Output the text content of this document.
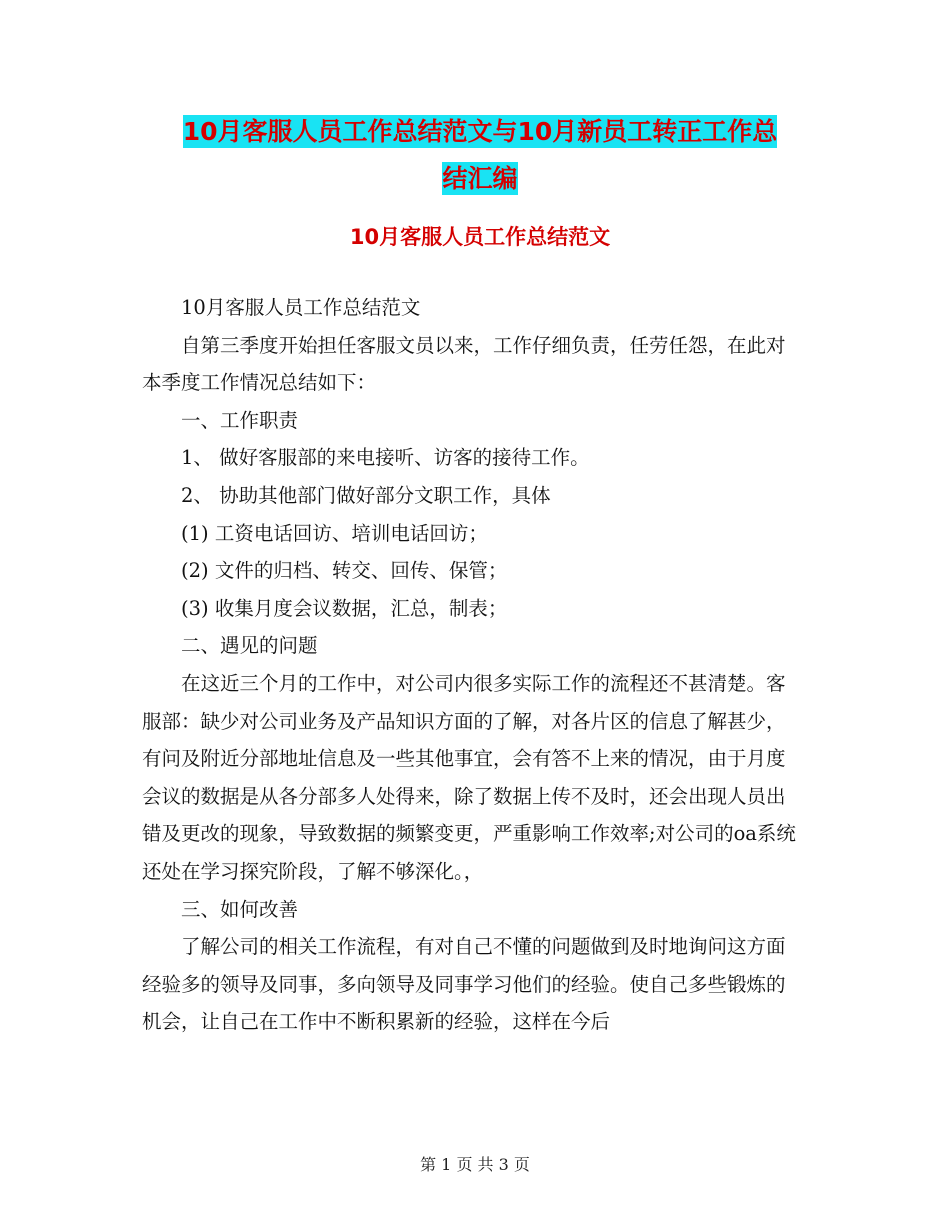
10月客服人员工作总结范文与10月新员工转正工作总
结汇编
10月客服人员工作总结范文

10月客服人员工作总结范文

自第三季度开始担任客服文员以来，工作仔细负责，任劳任怨，在此对本季度工作情况总结如下：

一、工作职责

1、 做好客服部的来电接听、访客的接待工作。

2、 协助其他部门做好部分文职工作，具体

(1) 工资电话回访、培训电话回访；

(2) 文件的归档、转交、回传、保管；

(3) 收集月度会议数据，汇总，制表；

二、遇见的问题

在这近三个月的工作中，对公司内很多实际工作的流程还不甚清楚。客服部：缺少对公司业务及产品知识方面的了解，对各片区的信息了解甚少，有问及附近分部地址信息及一些其他事宜，会有答不上来的情况，由于月度会议的数据是从各分部多人处得来，除了数据上传不及时，还会出现人员出错及更改的现象，导致数据的频繁变更，严重影响工作效率;对公司的oa系统还处在学习探究阶段，了解不够深化。，

三、如何改善

了解公司的相关工作流程，有对自己不懂的问题做到及时地询问这方面经验多的领导及同事，多向领导及同事学习他们的经验。使自己多些锻炼的机会，让自己在工作中不断积累新的经验，这样在今后

第 1 页 共 3 页
